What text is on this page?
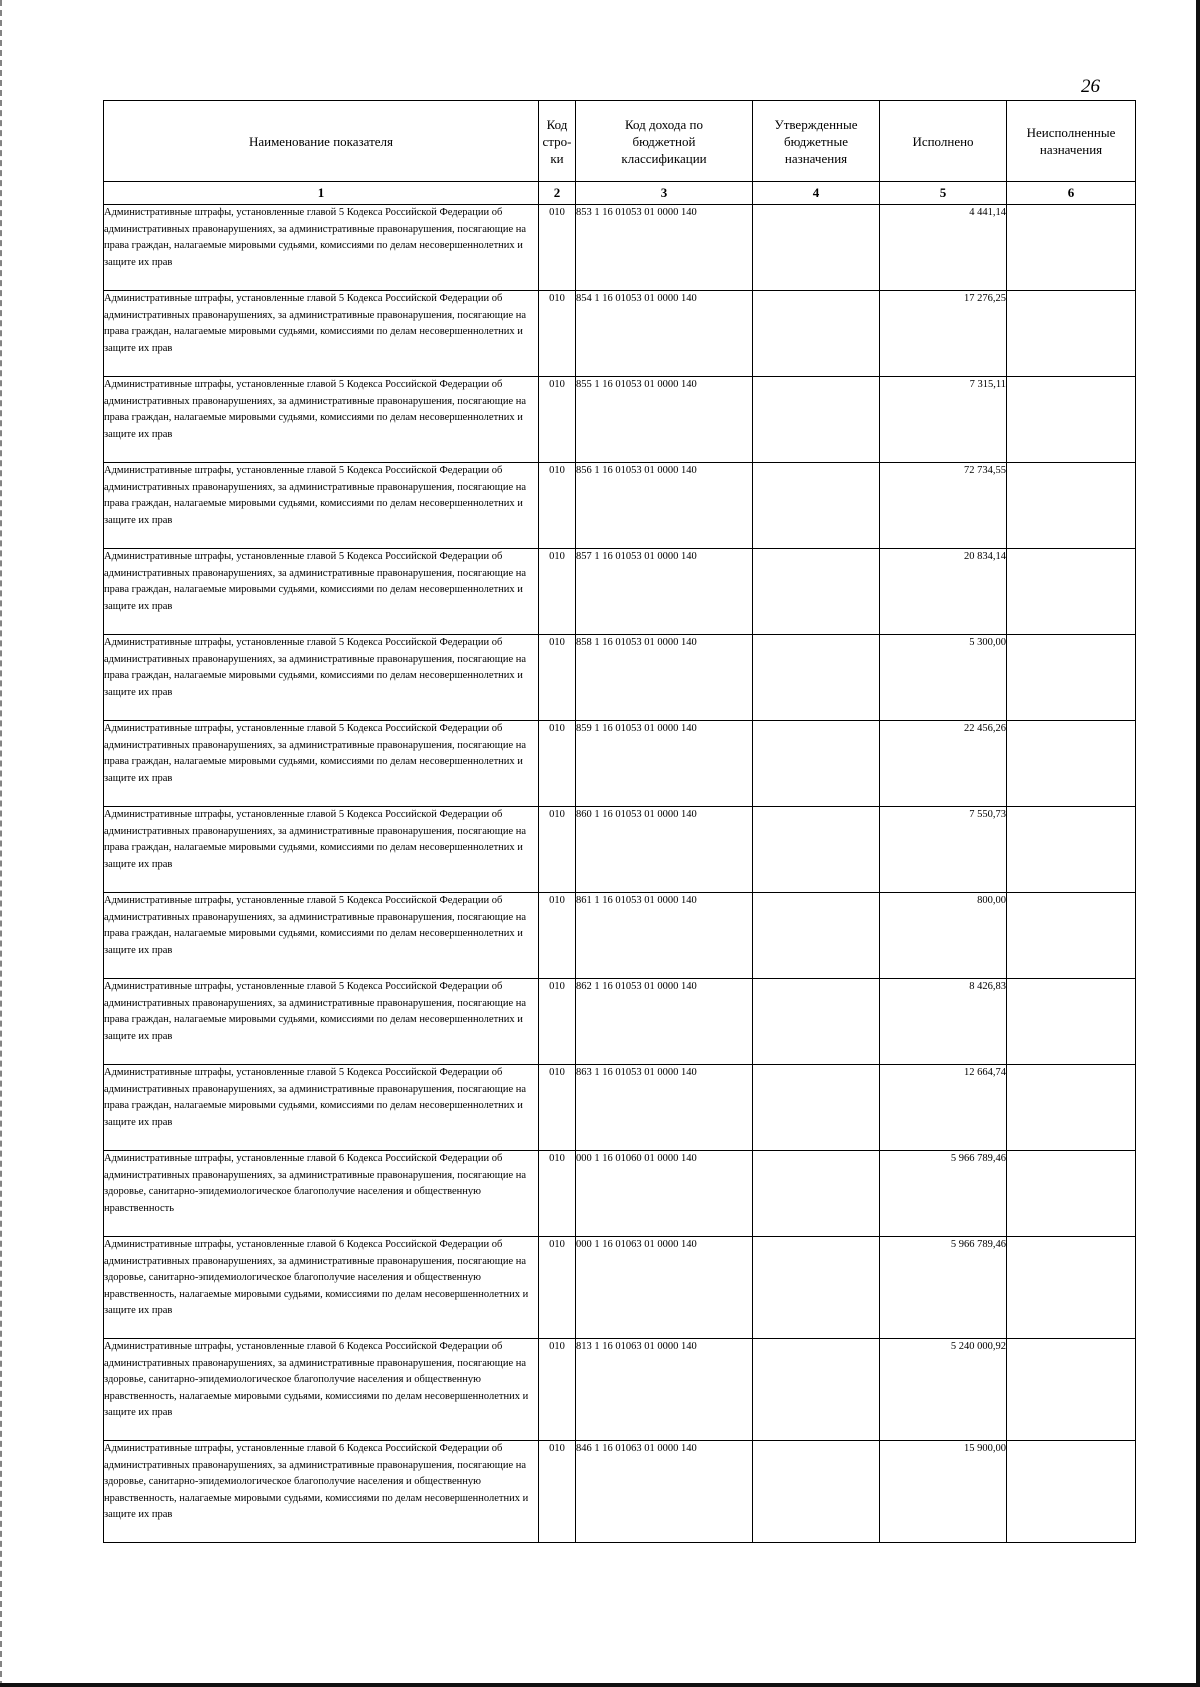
26
Наименование показателя	Код стро-ки	Код дохода по бюджетной классификации	Утвержденные бюджетные назначения	Исполнено	Неисполненные назначения
1	2	3	4	5	6
Административные штрафы, установленные главой 5 Кодекса Российской Федерации об административных правонарушениях, за административные правонарушения, посягающие на права граждан, налагаемые мировыми судьями, комиссиями по делам несовершеннолетних и защите их прав	010	853 1 16 01053 01 0000 140		4 441,14	
Административные штрафы, установленные главой 5 Кодекса Российской Федерации об административных правонарушениях, за административные правонарушения, посягающие на права граждан, налагаемые мировыми судьями, комиссиями по делам несовершеннолетних и защите их прав	010	854 1 16 01053 01 0000 140		17 276,25	
Административные штрафы, установленные главой 5 Кодекса Российской Федерации об административных правонарушениях, за административные правонарушения, посягающие на права граждан, налагаемые мировыми судьями, комиссиями по делам несовершеннолетних и защите их прав	010	855 1 16 01053 01 0000 140		7 315,11	
Административные штрафы, установленные главой 5 Кодекса Российской Федерации об административных правонарушениях, за административные правонарушения, посягающие на права граждан, налагаемые мировыми судьями, комиссиями по делам несовершеннолетних и защите их прав	010	856 1 16 01053 01 0000 140		72 734,55	
Административные штрафы, установленные главой 5 Кодекса Российской Федерации об административных правонарушениях, за административные правонарушения, посягающие на права граждан, налагаемые мировыми судьями, комиссиями по делам несовершеннолетних и защите их прав	010	857 1 16 01053 01 0000 140		20 834,14	
Административные штрафы, установленные главой 5 Кодекса Российской Федерации об административных правонарушениях, за административные правонарушения, посягающие на права граждан, налагаемые мировыми судьями, комиссиями по делам несовершеннолетних и защите их прав	010	858 1 16 01053 01 0000 140		5 300,00	
Административные штрафы, установленные главой 5 Кодекса Российской Федерации об административных правонарушениях, за административные правонарушения, посягающие на права граждан, налагаемые мировыми судьями, комиссиями по делам несовершеннолетних и защите их прав	010	859 1 16 01053 01 0000 140		22 456,26	
Административные штрафы, установленные главой 5 Кодекса Российской Федерации об административных правонарушениях, за административные правонарушения, посягающие на права граждан, налагаемые мировыми судьями, комиссиями по делам несовершеннолетних и защите их прав	010	860 1 16 01053 01 0000 140		7 550,73	
Административные штрафы, установленные главой 5 Кодекса Российской Федерации об административных правонарушениях, за административные правонарушения, посягающие на права граждан, налагаемые мировыми судьями, комиссиями по делам несовершеннолетних и защите их прав	010	861 1 16 01053 01 0000 140		800,00	
Административные штрафы, установленные главой 5 Кодекса Российской Федерации об административных правонарушениях, за административные правонарушения, посягающие на права граждан, налагаемые мировыми судьями, комиссиями по делам несовершеннолетних и защите их прав	010	862 1 16 01053 01 0000 140		8 426,83	
Административные штрафы, установленные главой 5 Кодекса Российской Федерации об административных правонарушениях, за административные правонарушения, посягающие на права граждан, налагаемые мировыми судьями, комиссиями по делам несовершеннолетних и защите их прав	010	863 1 16 01053 01 0000 140		12 664,74	
Административные штрафы, установленные главой 6 Кодекса Российской Федерации об административных правонарушениях, за административные правонарушения, посягающие на здоровье, санитарно-эпидемиологическое благополучие населения и общественную нравственность	010	000 1 16 01060 01 0000 140		5 966 789,46	
Административные штрафы, установленные главой 6 Кодекса Российской Федерации об административных правонарушениях, за административные правонарушения, посягающие на здоровье, санитарно-эпидемиологическое благополучие населения и общественную нравственность, налагаемые мировыми судьями, комиссиями по делам несовершеннолетних и защите их прав	010	000 1 16 01063 01 0000 140		5 966 789,46	
Административные штрафы, установленные главой 6 Кодекса Российской Федерации об административных правонарушениях, за административные правонарушения, посягающие на здоровье, санитарно-эпидемиологическое благополучие населения и общественную нравственность, налагаемые мировыми судьями, комиссиями по делам несовершеннолетних и защите их прав	010	813 1 16 01063 01 0000 140		5 240 000,92	
Административные штрафы, установленные главой 6 Кодекса Российской Федерации об административных правонарушениях, за административные правонарушения, посягающие на здоровье, санитарно-эпидемиологическое благополучие населения и общественную нравственность, налагаемые мировыми судьями, комиссиями по делам несовершеннолетних и защите их прав	010	846 1 16 01063 01 0000 140		15 900,00	
